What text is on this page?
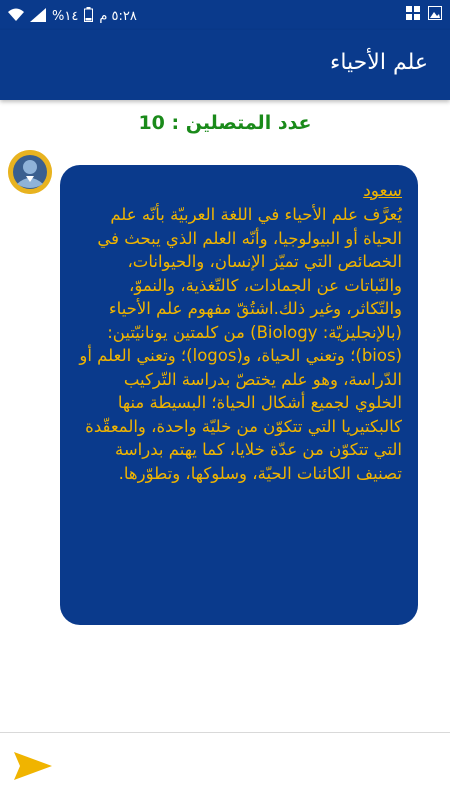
٥:٢٨ م
١٤%
علم الأحياء
عدد المتصلين : 10
سعود
يُعرَّف علم الأحياء في اللغة العربيّة بأنّه علم الحياة أو البيولوجيا، وأنّه العلم الذي يبحث في الخصائص التي تميّز الإنسان، والحيوانات، والنّباتات عن الجمادات، كالتّغذية، والنموّ، والتّكاثر، وغير ذلك.اشتُقّ مفهوم علم الأحياء (بالإنجليزيّة: Biology) من كلمتين يونانيّتين: (bios)؛ وتعني الحياة، و(logos)؛ وتعني العلم أو الدّراسة، وهو علم يختصّ بدراسة التّركيب الخلوي لجميع أشكال الحياة؛ البسيطة منها كالبكتيريا التي تتكوّن من خليّة واحدة، والمعقّدة التي تتكوّن من عدّة خلايا، كما يهتم بدراسة تصنيف الكائنات الحيّة، وسلوكها، وتطوّرها.
